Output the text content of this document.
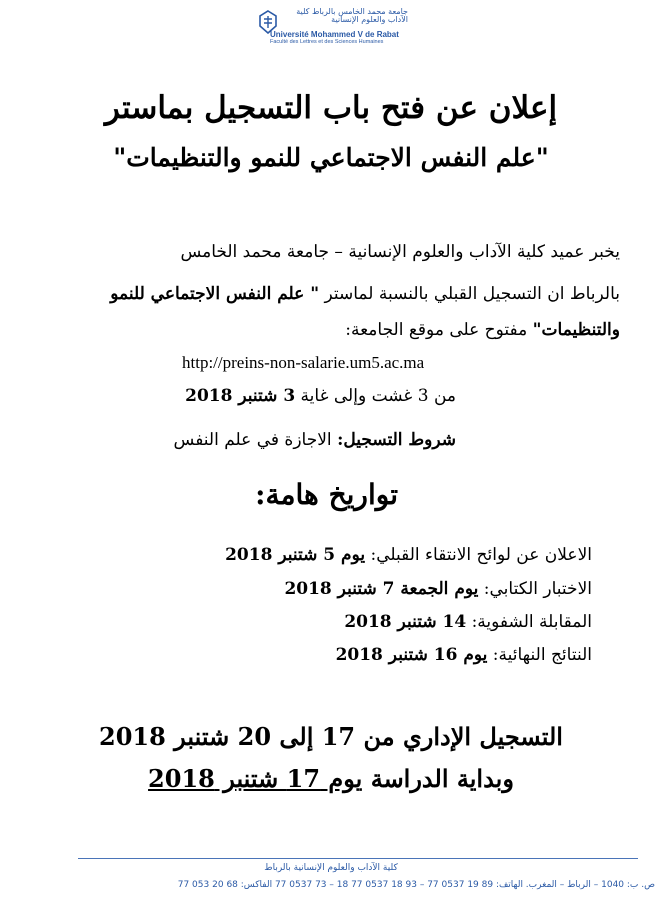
جامعة محمد الخامس بالرباط كلية الآداب والعلوم الإنسانية
Université Mohammed V de Rabat
Faculté des Lettres et des Sciences Humaines
إعلان عن فتح باب التسجيل بماستر
"علم النفس الاجتماعي للنمو والتنظيمات"
يخبر عميد كلية الآداب والعلوم الإنسانية – جامعة محمد الخامس
بالرباط ان التسجيل القبلي بالنسبة لماستر " علم النفس الاجتماعي للنمو
والتنظيمات" مفتوح على موقع الجامعة:
http://preins-non-salarie.um5.ac.ma
من 3 غشت وإلى غاية 3 شتنبر 2018
شروط التسجيل: الاجازة في علم النفس
تواريخ هامة:
الاعلان عن لوائح الانتقاء القبلي: يوم 5 شتنبر 2018
الاختبار الكتابي: يوم الجمعة 7 شتنبر 2018
المقابلة الشفوية: 14 شتنبر 2018
النتائج النهائية: يوم 16 شتنبر 2018
التسجيل الإداري من 17 إلى 20 شتنبر 2018
وبداية الدراسة يوم 17 شتنبر 2018
كلية الآداب والعلوم الإنسانية بالرباط
ص. ب: 1040 – الرباط – المغرب. الهاتف: 89 19 0537 77 – 93 18 0537 77 18 – 73 0537 77 الفاكس: 68 20 053 77
